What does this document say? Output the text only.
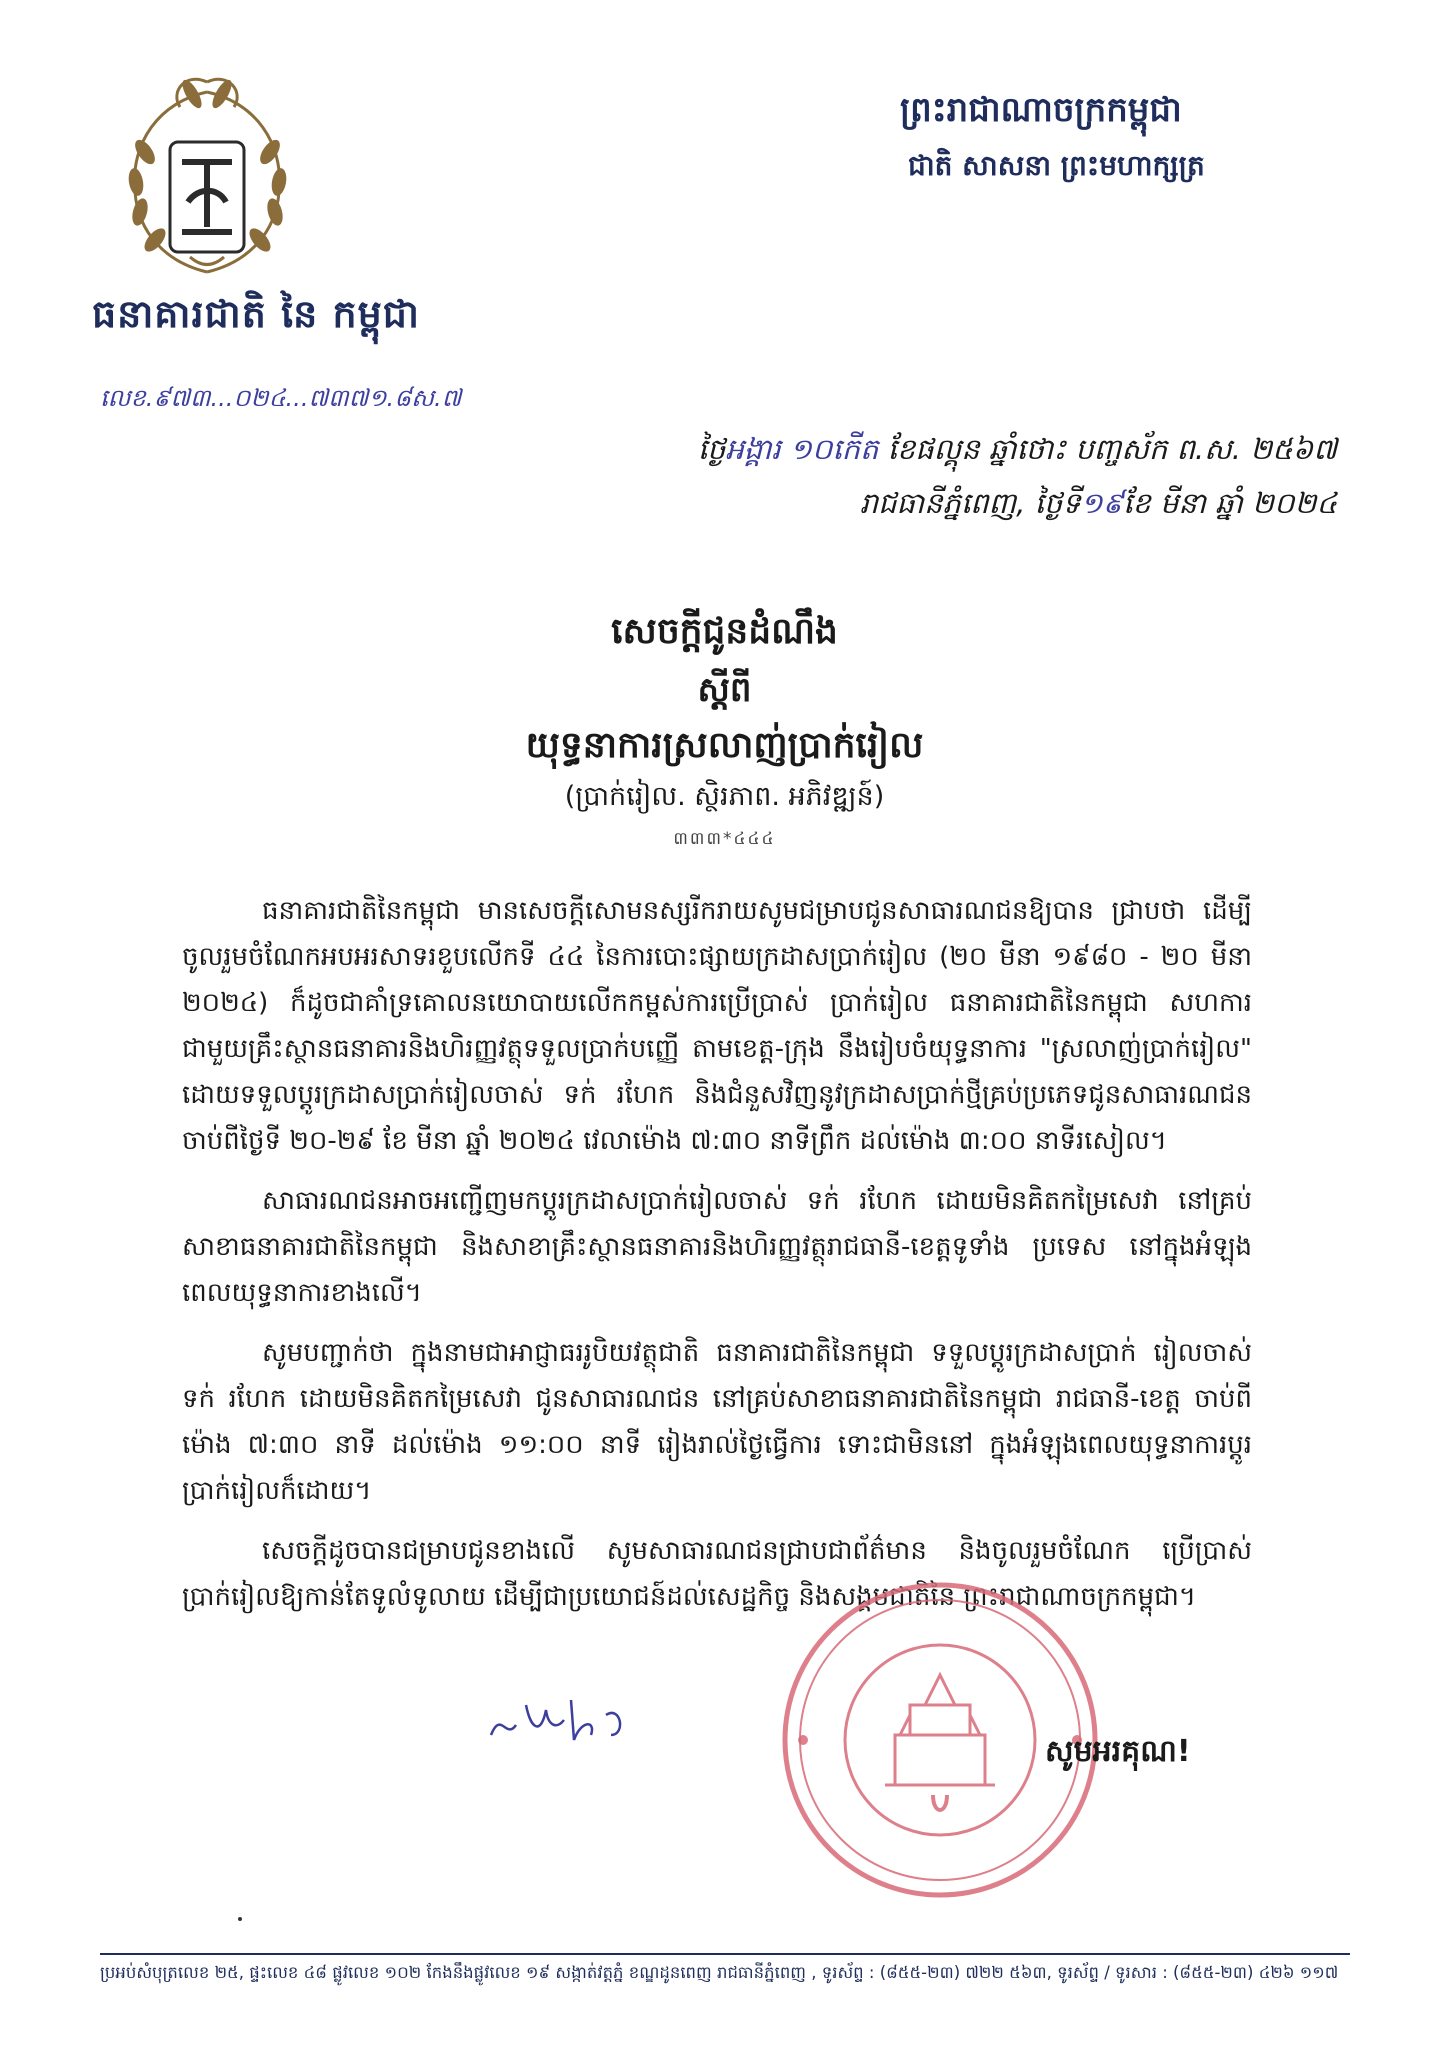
ធនាគារជាតិ នៃ កម្ពុជា
ព្រះរាជាណាចក្រកម្ពុជា
ជាតិ សាសនា ព្រះមហាក្សត្រ
លេខ.៩៧៣...០២៤...៧៣៧១.៨ស.៧
ថ្ងៃអង្គារ ១០កើត ខែផល្គុន ឆ្នាំថោះ បញ្ចស័ក ព.ស. ២៥៦៧
រាជធានីភ្នំពេញ, ថ្ងៃទី១៩ខែ មីនា ឆ្នាំ ២០២៤
សេចក្តីជូនដំណឹង
ស្តីពី
យុទ្ធនាការស្រលាញ់ប្រាក់រៀល
(ប្រាក់រៀល. ស្ថិរភាព. អភិវឌ្ឍន៍)
៣៣៣*៤៤៤

ធនាគារជាតិនៃកម្ពុជា មានសេចក្តីសោមនស្សរីករាយសូមជម្រាបជូនសាធារណជនឱ្យបាន ជ្រាបថា ដើម្បីចូលរួមចំណែកអបអរសាទរខួបលើកទី ៤៤ នៃការបោះផ្សាយក្រដាសប្រាក់រៀល (២០ មីនា ១៩៨០ - ២០ មីនា ២០២៤) ក៏ដូចជាគាំទ្រគោលនយោបាយលើកកម្ពស់ការប្រើប្រាស់ ប្រាក់រៀល ធនាគារជាតិនៃកម្ពុជា សហការជាមួយគ្រឹះស្ថានធនាគារនិងហិរញ្ញវត្ថុទទួលប្រាក់បញ្ញើ តាមខេត្ត-ក្រុង នឹងរៀបចំយុទ្ធនាការ "ស្រលាញ់ប្រាក់រៀល" ដោយទទួលប្តូរក្រដាសប្រាក់រៀលចាស់ ទក់ រហែក និងជំនួសវិញនូវក្រដាសប្រាក់ថ្មីគ្រប់ប្រភេទជូនសាធារណជន ចាប់ពីថ្ងៃទី ២០-២៩ ខែ មីនា ឆ្នាំ ២០២៤ វេលាម៉ោង ៧:៣០ នាទីព្រឹក ដល់ម៉ោង ៣:០០ នាទីរសៀល។

សាធារណជនអាចអញ្ជើញមកប្តូរក្រដាសប្រាក់រៀលចាស់ ទក់ រហែក ដោយមិនគិតកម្រៃសេវា នៅគ្រប់សាខាធនាគារជាតិនៃកម្ពុជា និងសាខាគ្រឹះស្ថានធនាគារនិងហិរញ្ញវត្ថុរាជធានី-ខេត្តទូទាំង ប្រទេស នៅក្នុងអំឡុងពេលយុទ្ធនាការខាងលើ។

សូមបញ្ជាក់ថា ក្នុងនាមជាអាជ្ញាធររូបិយវត្ថុជាតិ ធនាគារជាតិនៃកម្ពុជា ទទួលប្តូរក្រដាសប្រាក់ រៀលចាស់ ទក់ រហែក ដោយមិនគិតកម្រៃសេវា ជូនសាធារណជន នៅគ្រប់សាខាធនាគារជាតិនៃកម្ពុជា រាជធានី-ខេត្ត ចាប់ពីម៉ោង ៧:៣០ នាទី ដល់ម៉ោង ១១:០០ នាទី រៀងរាល់ថ្ងៃធ្វើការ ទោះជាមិននៅ ក្នុងអំឡុងពេលយុទ្ធនាការប្តូរប្រាក់រៀលក៏ដោយ។

សេចក្តីដូចបានជម្រាបជូនខាងលើ សូមសាធារណជនជ្រាបជាព័ត៌មាន និងចូលរួមចំណែក ប្រើប្រាស់ប្រាក់រៀលឱ្យកាន់តែទូលំទូលាយ ដើម្បីជាប្រយោជន៍ដល់សេដ្ឋកិច្ច និងសង្គមជាតិនៃ ព្រះរាជាណាចក្រកម្ពុជា។

សូមអរគុណ!
ប្រអប់សំបុត្រលេខ ២៥, ផ្ទះលេខ ៤៨ ផ្លូវលេខ ១០២ កែងនឹងផ្លូវលេខ ១៩ សង្កាត់វត្តភ្នំ ខណ្ឌដូនពេញ រាជធានីភ្នំពេញ , ទូរស័ព្ទ : (៨៥៥-២៣) ៧២២ ៥៦៣, ទូរស័ព្ទ / ទូរសារ : (៨៥៥-២៣) ៤២៦ ១១៧
